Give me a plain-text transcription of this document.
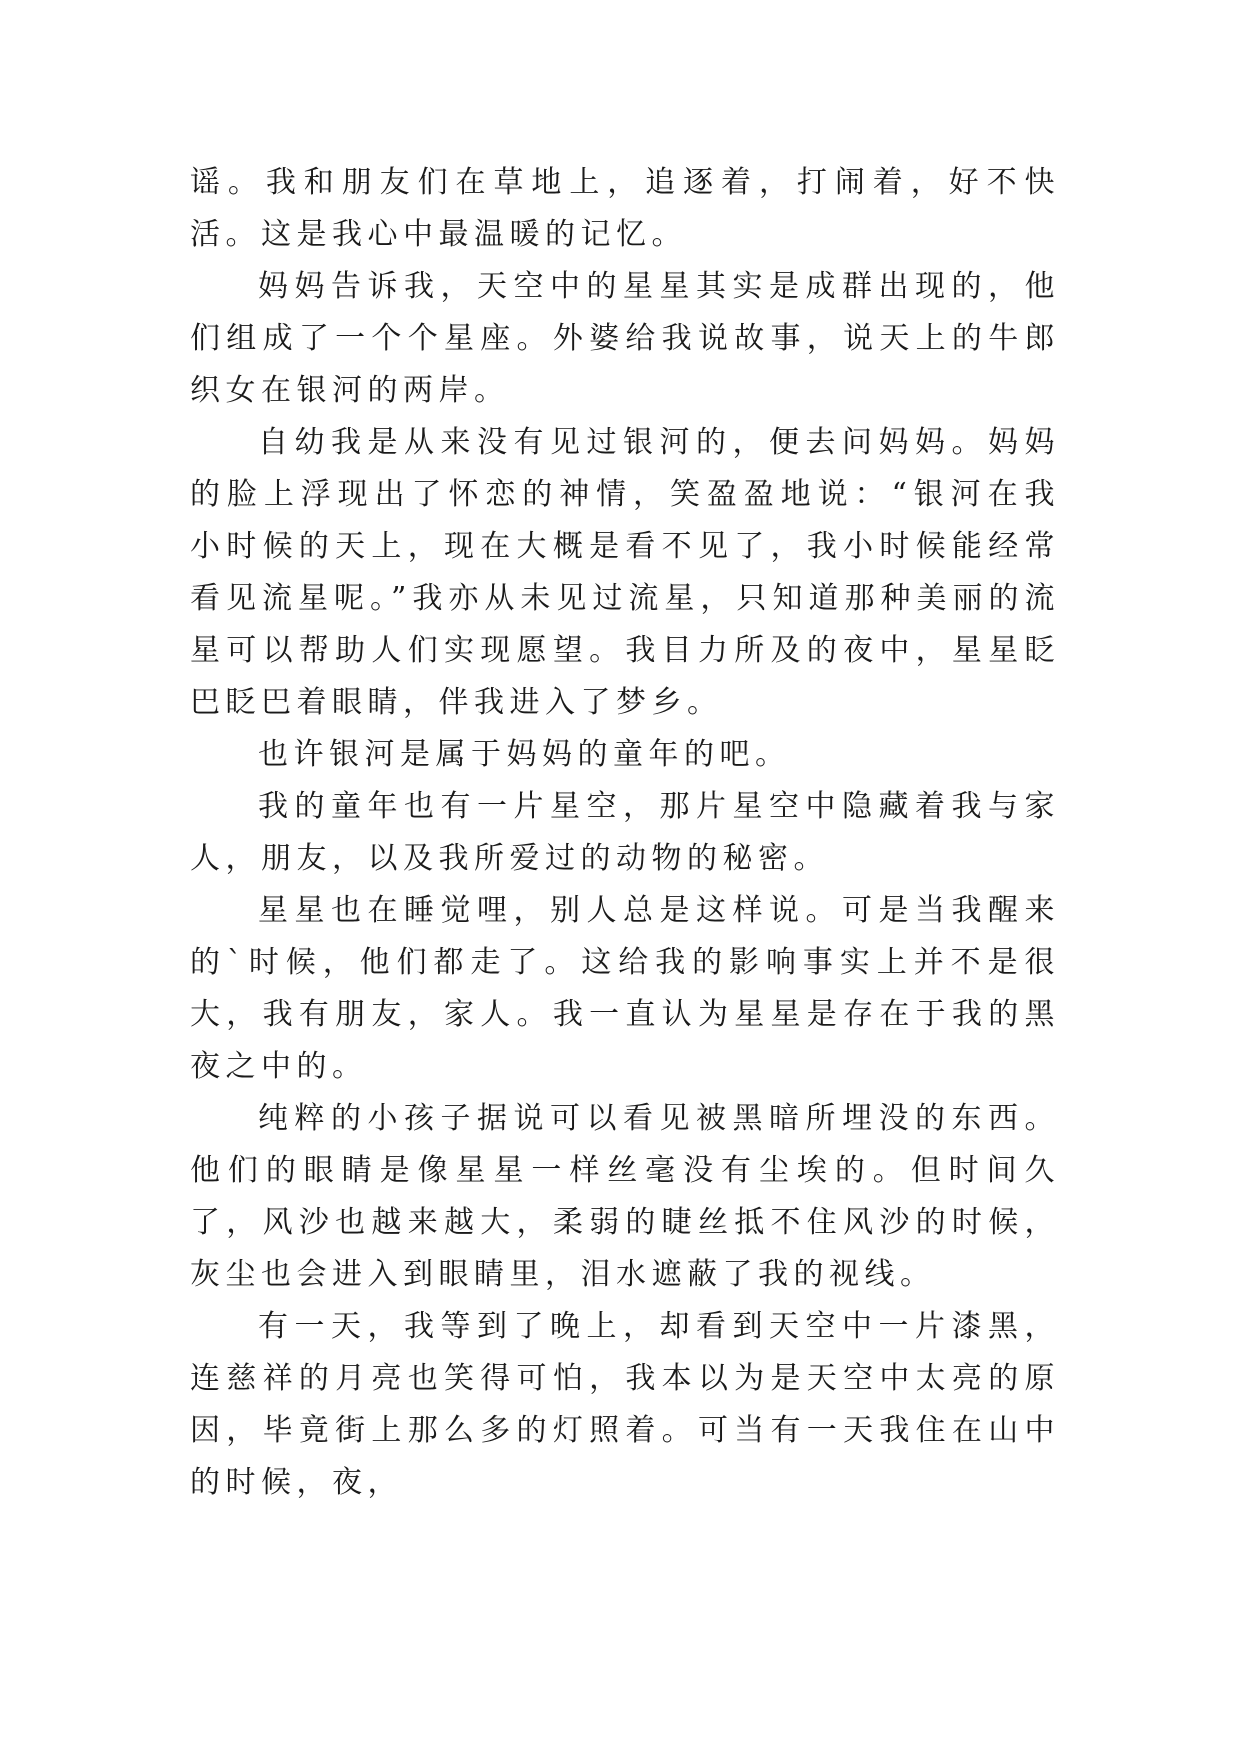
谣。我和朋友们在草地上，追逐着，打闹着，好不快活。这是我心中最温暖的记忆。

妈妈告诉我，天空中的星星其实是成群出现的，他们组成了一个个星座。外婆给我说故事，说天上的牛郎织女在银河的两岸。

自幼我是从来没有见过银河的，便去问妈妈。妈妈的脸上浮现出了怀恋的神情，笑盈盈地说：“银河在我小时候的天上，现在大概是看不见了，我小时候能经常看见流星呢。”我亦从未见过流星，只知道那种美丽的流星可以帮助人们实现愿望。我目力所及的夜中，星星眨巴眨巴着眼睛，伴我进入了梦乡。

也许银河是属于妈妈的童年的吧。

我的童年也有一片星空，那片星空中隐藏着我与家人，朋友，以及我所爱过的动物的秘密。

星星也在睡觉哩，别人总是这样说。可是当我醒来的`时候，他们都走了。这给我的影响事实上并不是很大，我有朋友，家人。我一直认为星星是存在于我的黑夜之中的。

纯粹的小孩子据说可以看见被黑暗所埋没的东西。他们的眼睛是像星星一样丝毫没有尘埃的。但时间久了，风沙也越来越大，柔弱的睫丝抵不住风沙的时候，灰尘也会进入到眼睛里，泪水遮蔽了我的视线。

有一天，我等到了晚上，却看到天空中一片漆黑，连慈祥的月亮也笑得可怕，我本以为是天空中太亮的原因，毕竟街上那么多的灯照着。可当有一天我住在山中的时候，夜，
